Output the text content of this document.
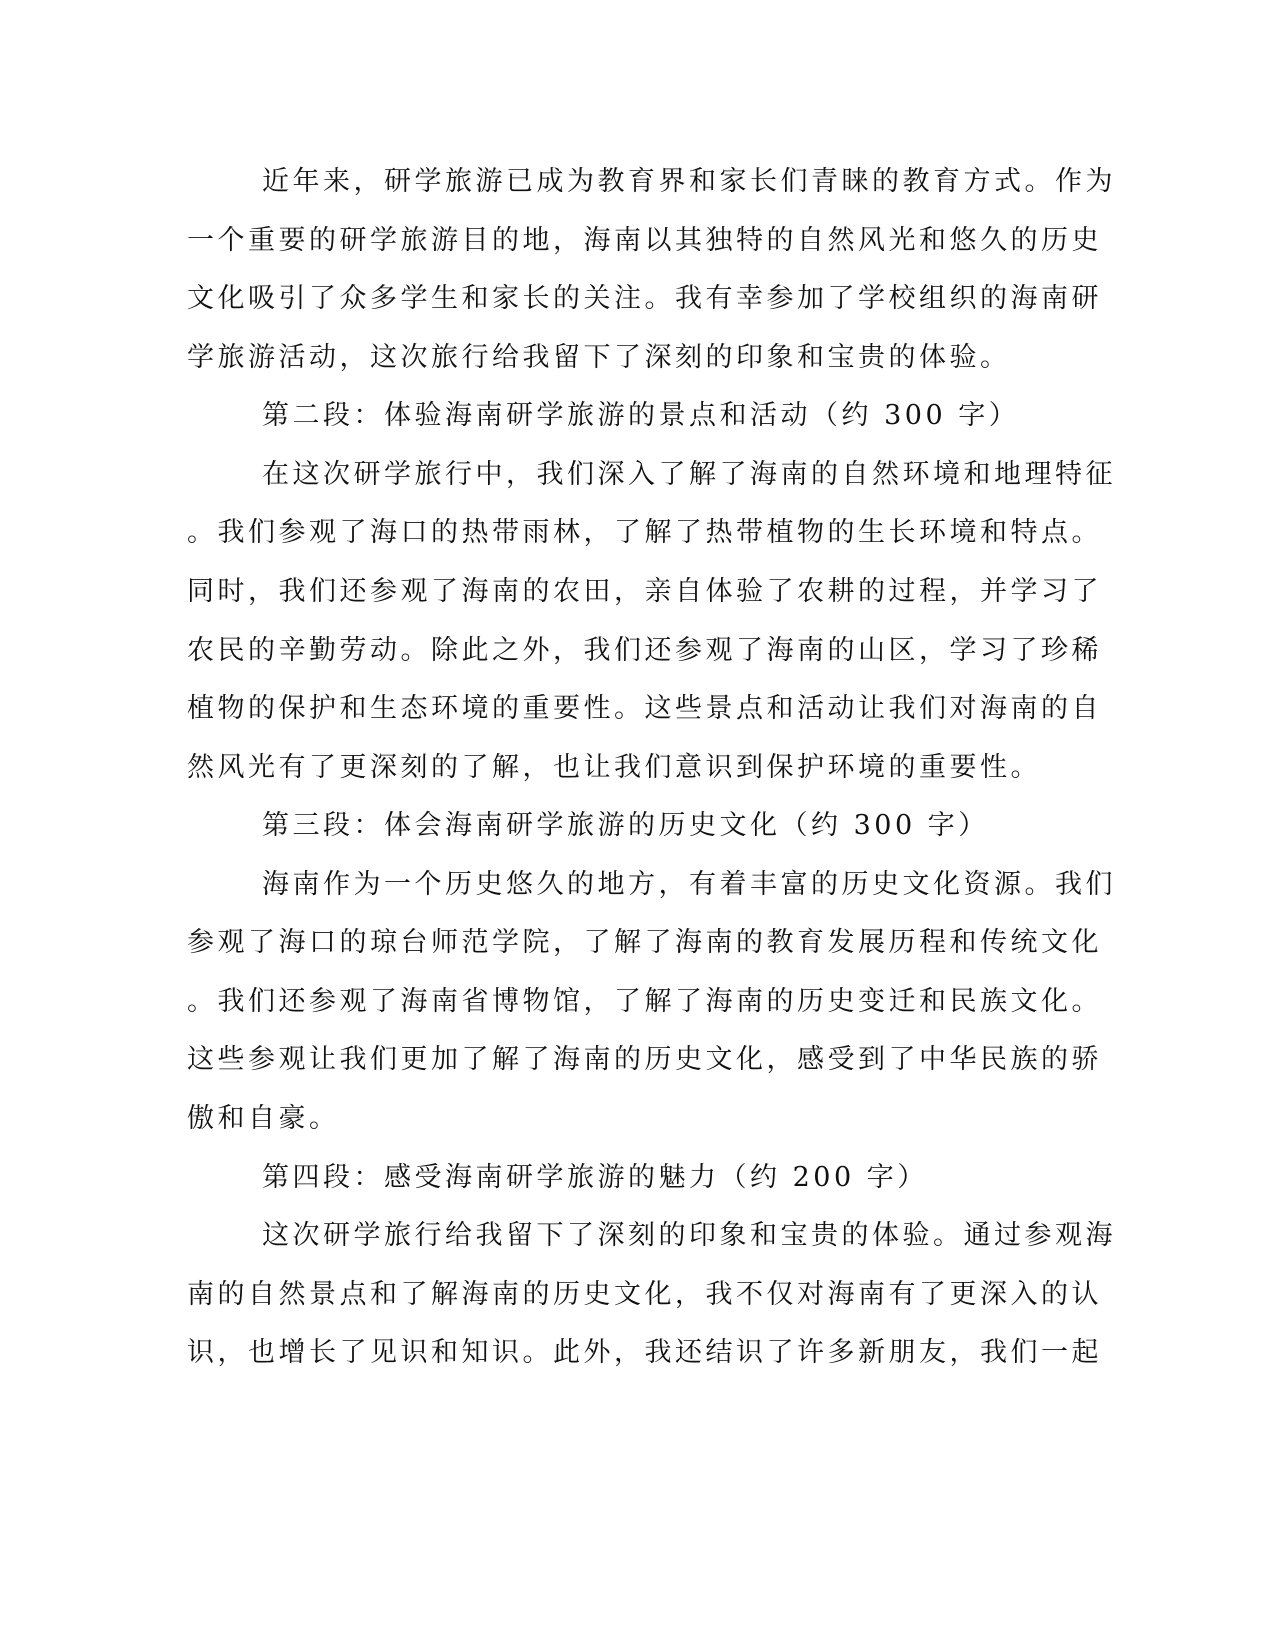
近年来，研学旅游已成为教育界和家长们青睐的教育方式。作为
一个重要的研学旅游目的地，海南以其独特的自然风光和悠久的历史
文化吸引了众多学生和家长的关注。我有幸参加了学校组织的海南研
学旅游活动，这次旅行给我留下了深刻的印象和宝贵的体验。
第二段：体验海南研学旅游的景点和活动（约 300 字）
在这次研学旅行中，我们深入了解了海南的自然环境和地理特征
。我们参观了海口的热带雨林，了解了热带植物的生长环境和特点。
同时，我们还参观了海南的农田，亲自体验了农耕的过程，并学习了
农民的辛勤劳动。除此之外，我们还参观了海南的山区，学习了珍稀
植物的保护和生态环境的重要性。这些景点和活动让我们对海南的自
然风光有了更深刻的了解，也让我们意识到保护环境的重要性。
第三段：体会海南研学旅游的历史文化（约 300 字）
海南作为一个历史悠久的地方，有着丰富的历史文化资源。我们
参观了海口的琼台师范学院，了解了海南的教育发展历程和传统文化
。我们还参观了海南省博物馆，了解了海南的历史变迁和民族文化。
这些参观让我们更加了解了海南的历史文化，感受到了中华民族的骄
傲和自豪。
第四段：感受海南研学旅游的魅力（约 200 字）
这次研学旅行给我留下了深刻的印象和宝贵的体验。通过参观海
南的自然景点和了解海南的历史文化，我不仅对海南有了更深入的认
识，也增长了见识和知识。此外，我还结识了许多新朋友，我们一起
